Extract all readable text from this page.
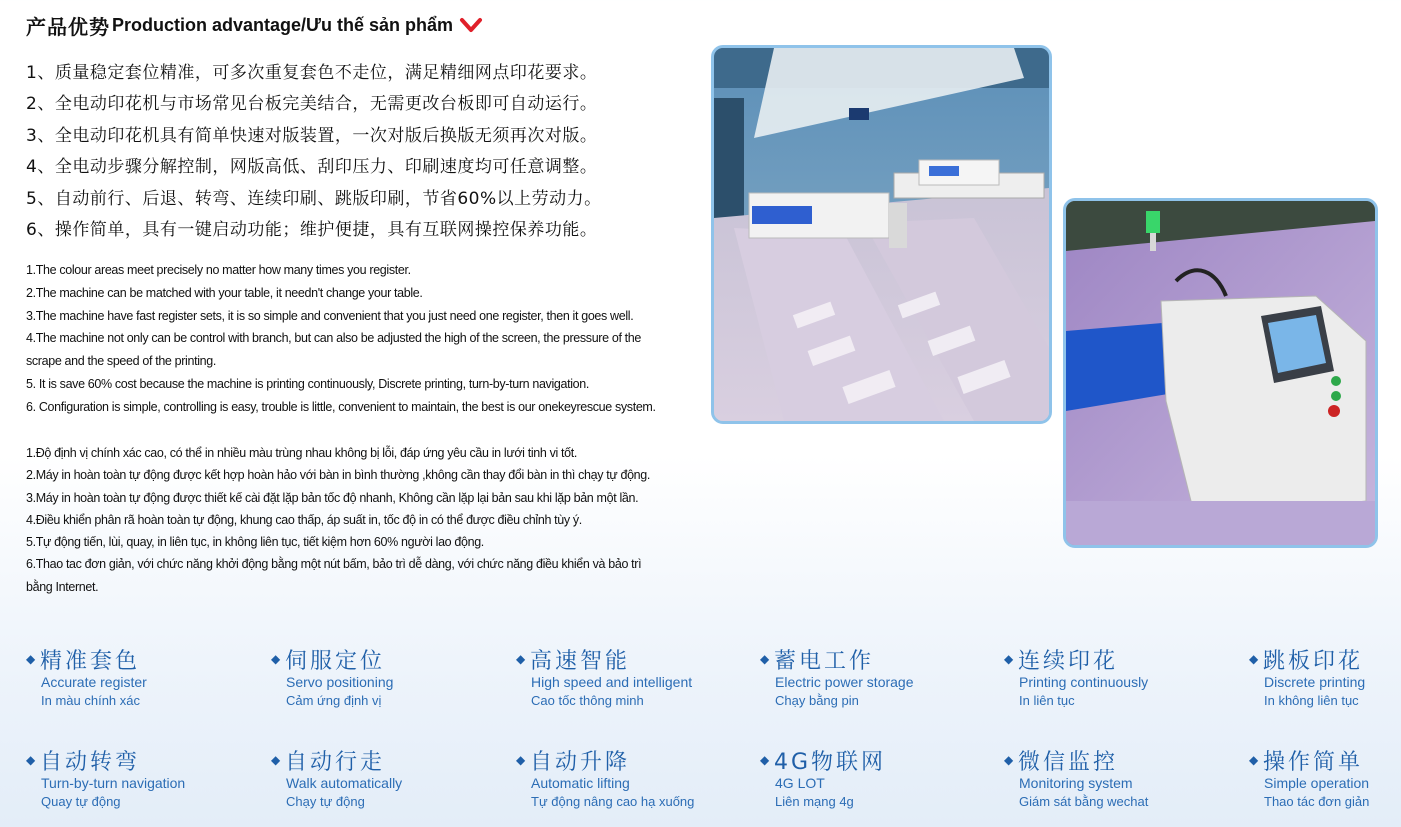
产品优势 Production advantage/Ưu thế sản phẩm
1、质量稳定套位精准，可多次重复套色不走位，满足精细网点印花要求。
2、全电动印花机与市场常见台板完美结合，无需更改台板即可自动运行。
3、全电动印花机具有简单快速对版装置，一次对版后换版无须再次对版。
4、全电动步骤分解控制，网版高低、刮印压力、印刷速度均可任意调整。
5、自动前行、后退、转弯、连续印刷、跳版印刷，节省60%以上劳动力。
6、操作简单，具有一键启动功能；维护便捷，具有互联网操控保养功能。
1.The colour areas meet precisely no matter how many times you register.
2.The machine can be matched with your table, it needn't change your table.
3.The machine have fast register sets, it is so simple and convenient that you just need one register, then it goes well.
4.The machine not only can be control with branch, but can also be adjusted the high of the screen, the pressure of the
scrape and the speed of the printing.
5. It is save 60% cost because the machine is printing continuously, Discrete printing, turn-by-turn navigation.
6. Configuration is simple, controlling is easy, trouble is little, convenient to maintain, the best is our onekeyrescue system.
1.Độ định vị chính xác cao, có thể in nhiều màu trùng nhau không bị lỗi, đáp ứng yêu cầu in lưới tinh vi tốt.
2.Máy in hoàn toàn tự động được kết hợp hoàn hảo với bàn in bình thường ,không cần thay đổi bàn in thì chạy tự động.
3.Máy in hoàn toàn tự động được thiết kế cài đặt lặp bản tốc độ nhanh, Không cần lặp lại bản sau khi lặp bản một lần.
4.Điều khiển phân rã hoàn toàn tự động, khung cao thấp, áp suất in, tốc độ in có thể được điều chỉnh tùy ý.
5.Tự động tiến, lùi, quay, in liên tục, in không liên tục, tiết kiệm hơn 60% người lao động.
6.Thao tac đơn giản, với chức năng khởi động bằng một nút bấm, bảo trì dễ dàng, với chức năng điều khiển và bảo trì
bằng Internet.
◆ 精准套色
Accurate register
In màu chính xác
◆ 伺服定位
Servo positioning
Cảm ứng định vị
◆ 高速智能
High speed and intelligent
Cao tốc thông minh
◆ 蓄电工作
Electric power storage
Chạy bằng pin
◆ 连续印花
Printing continuously
In liên tục
◆ 跳板印花
Discrete printing
In không liên tục
◆ 自动转弯
Turn-by-turn navigation
Quay tự động
◆ 自动行走
Walk automatically
Chạy tự động
◆ 自动升降
Automatic lifting
Tự động nâng cao hạ xuống
◆ 4G物联网
4G LOT
Liên mạng 4g
◆ 微信监控
Monitoring system
Giám sát bằng wechat
◆ 操作简单
Simple operation
Thao tác đơn giản
